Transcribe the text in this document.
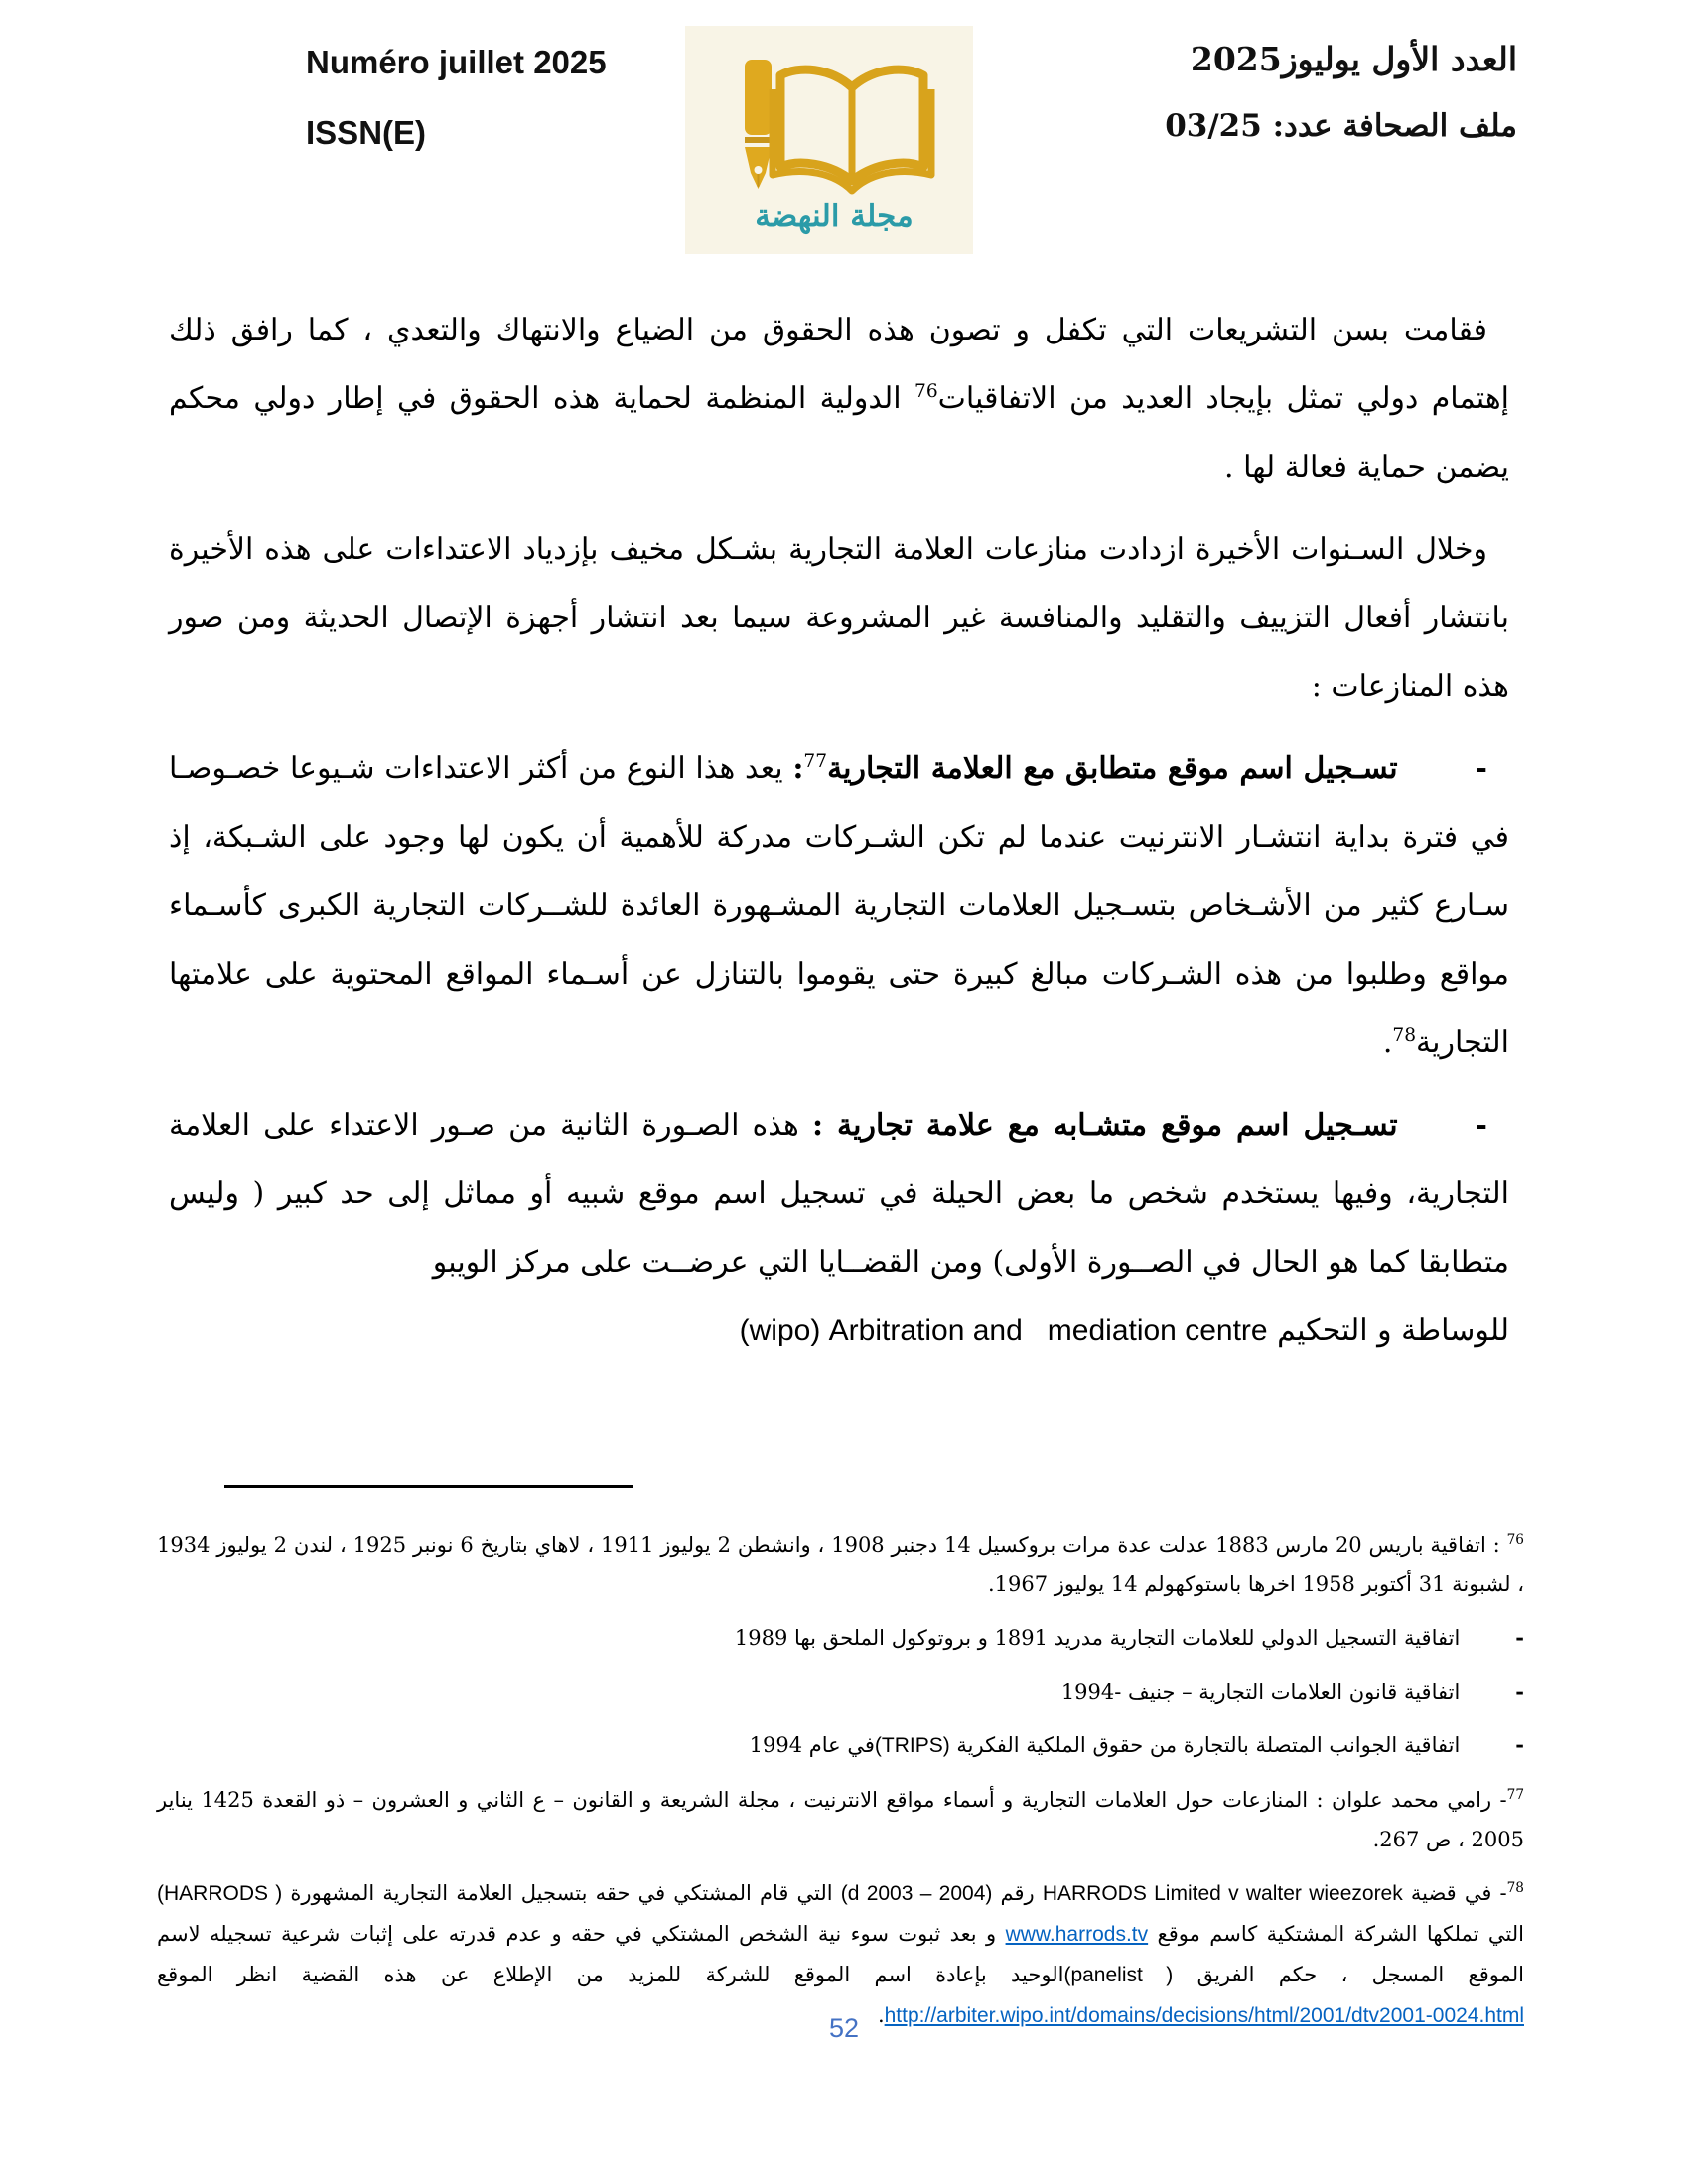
Numéro juillet 2025
ISSN(E)
مجلة النهضة
العدد الأول يوليوز2025
ملف الصحافة عدد: 03/25

فقامت بسن التشريعات التي تكفل و تصون هذه الحقوق من الضياع والانتهاك والتعدي ، كما رافق ذلك إهتمام دولي تمثل بإيجاد العديد من الاتفاقيات$^{76}$ الدولية المنظمة لحماية هذه الحقوق في إطار دولي محكم يضمن حماية فعالة لها .

وخلال السـنوات الأخيرة ازدادت منازعات العلامة التجارية بشـكل مخيف بإزدياد الاعتداءات على هذه الأخيرة بانتشار أفعال التزييف والتقليد والمنافسة غير المشروعة سيما بعد انتشار أجهزة الإتصال الحديثة ومن صور هذه المنازعات :

-تسـجيل اسم موقع متطابق مع العلامة التجارية$^{77}$: يعد هذا النوع من أكثر الاعتداءات شـيوعا خصـوصـا في فترة بداية انتشـار الانترنيت عندما لم تكن الشـركات مدركة للأهمية أن يكون لها وجود على الشـبكة، إذ سـارع كثير من الأشـخاص بتسـجيل العلامات التجارية المشـهورة العائدة للشــركات التجارية الكبرى كأسـماء مواقع وطلبوا من هذه الشـركات مبالغ كبيرة حتى يقوموا بالتنازل عن أسـماء المواقع المحتوية على علامتها التجارية$^{78}$.

-تسـجيل اسم موقع متشـابه مع علامة تجارية : هذه الصـورة الثانية من صـور الاعتداء على العلامة التجارية، وفيها يستخدم شخص ما بعض الحيلة في تسجيل اسم موقع شبيه أو مماثل إلى حد كبير ( وليس متطابقا كما هو الحال في الصــورة الأولى) ومن القضــايا التي عرضــت على مركز الويبو
للوساطة و التحكيم (wipo) Arbitration and   mediation centre

$^{76}$ : اتفاقية باريس 20 مارس 1883 عدلت عدة مرات بروكسيل 14 دجنبر 1908 ، وانشطن 2 يوليوز 1911 ، لاهاي بتاريخ 6 نونبر 1925 ، لندن 2 يوليوز 1934 ، لشبونة 31 أكتوبر 1958 اخرها باستوكهولم 14 يوليوز 1967.

-اتفاقية التسجيل الدولي للعلامات التجارية مدريد 1891 و بروتوكول الملحق بها 1989

-اتفاقية قانون العلامات التجارية – جنيف -1994

-اتفاقية الجوانب المتصلة بالتجارة من حقوق الملكية الفكرية (TRIPS)في عام 1994

$^{77}$- رامي محمد علوان : المنازعات حول العلامات التجارية و أسماء مواقع الانترنيت ، مجلة الشريعة و القانون – ع الثاني و العشرون – ذو القعدة 1425 يناير 2005 ، ص 267.

$^{78}$- في قضية HARRODS Limited v walter wieezorek رقم (d 2003 – 2004) التي قام المشتكي في حقه بتسجيل العلامة التجارية المشهورة (HARRODS ) التي تملكها الشركة المشتكية كاسم موقع www.harrods.tv و بعد ثبوت سوء نية الشخص المشتكي في حقه و عدم قدرته على إثبات شرعية تسجيله لاسم الموقع المسجل ، حكم الفريق (panelist )الوحيد بإعادة اسم الموقع للشركة للمزيد من الإطلاع عن هذه القضية انظر الموقع http://arbiter.wipo.int/domains/decisions/html/2001/dtv2001-0024.html.

52
